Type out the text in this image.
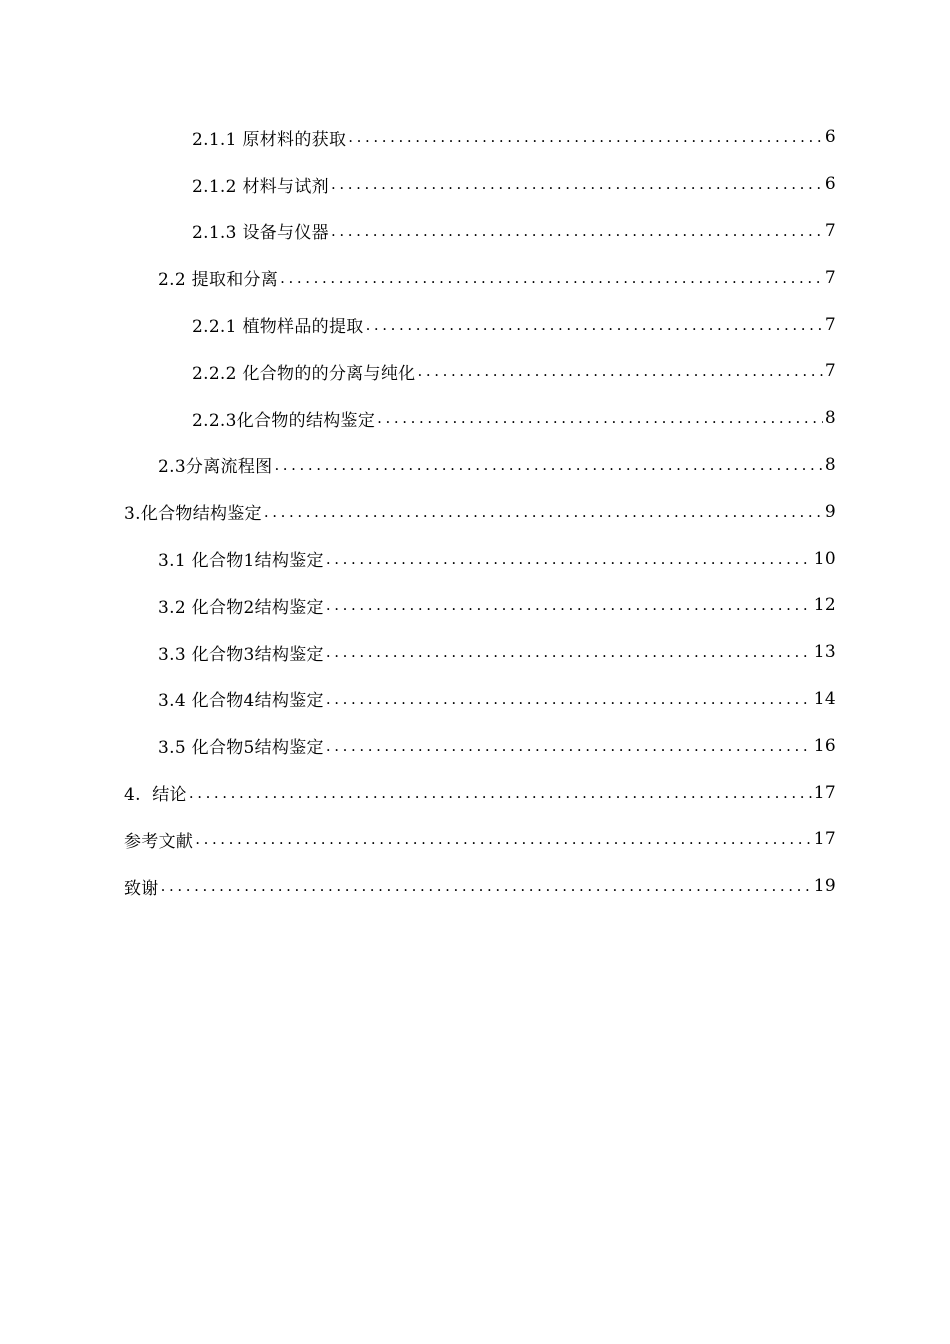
2.1.1 原材料的获取 .....	6
2.1.2 材料与试剂 .....	6
2.1.3 设备与仪器 .....	7
2.2 提取和分离 .....	7
2.2.1 植物样品的提取 .....	7
2.2.2 化合物的的分离与纯化 .....	7
2.2.3化合物的结构鉴定 .....	8
2.3分离流程图 .....	8
3.化合物结构鉴定 .....	9
3.1 化合物1结构鉴定 .....	10
3.2 化合物2结构鉴定 .....	12
3.3 化合物3结构鉴定 .....	13
3.4 化合物4结构鉴定 .....	14
3.5 化合物5结构鉴定 .....	16
4.  结论 .....	17
参考文献 .....	17
致谢 .....	19
